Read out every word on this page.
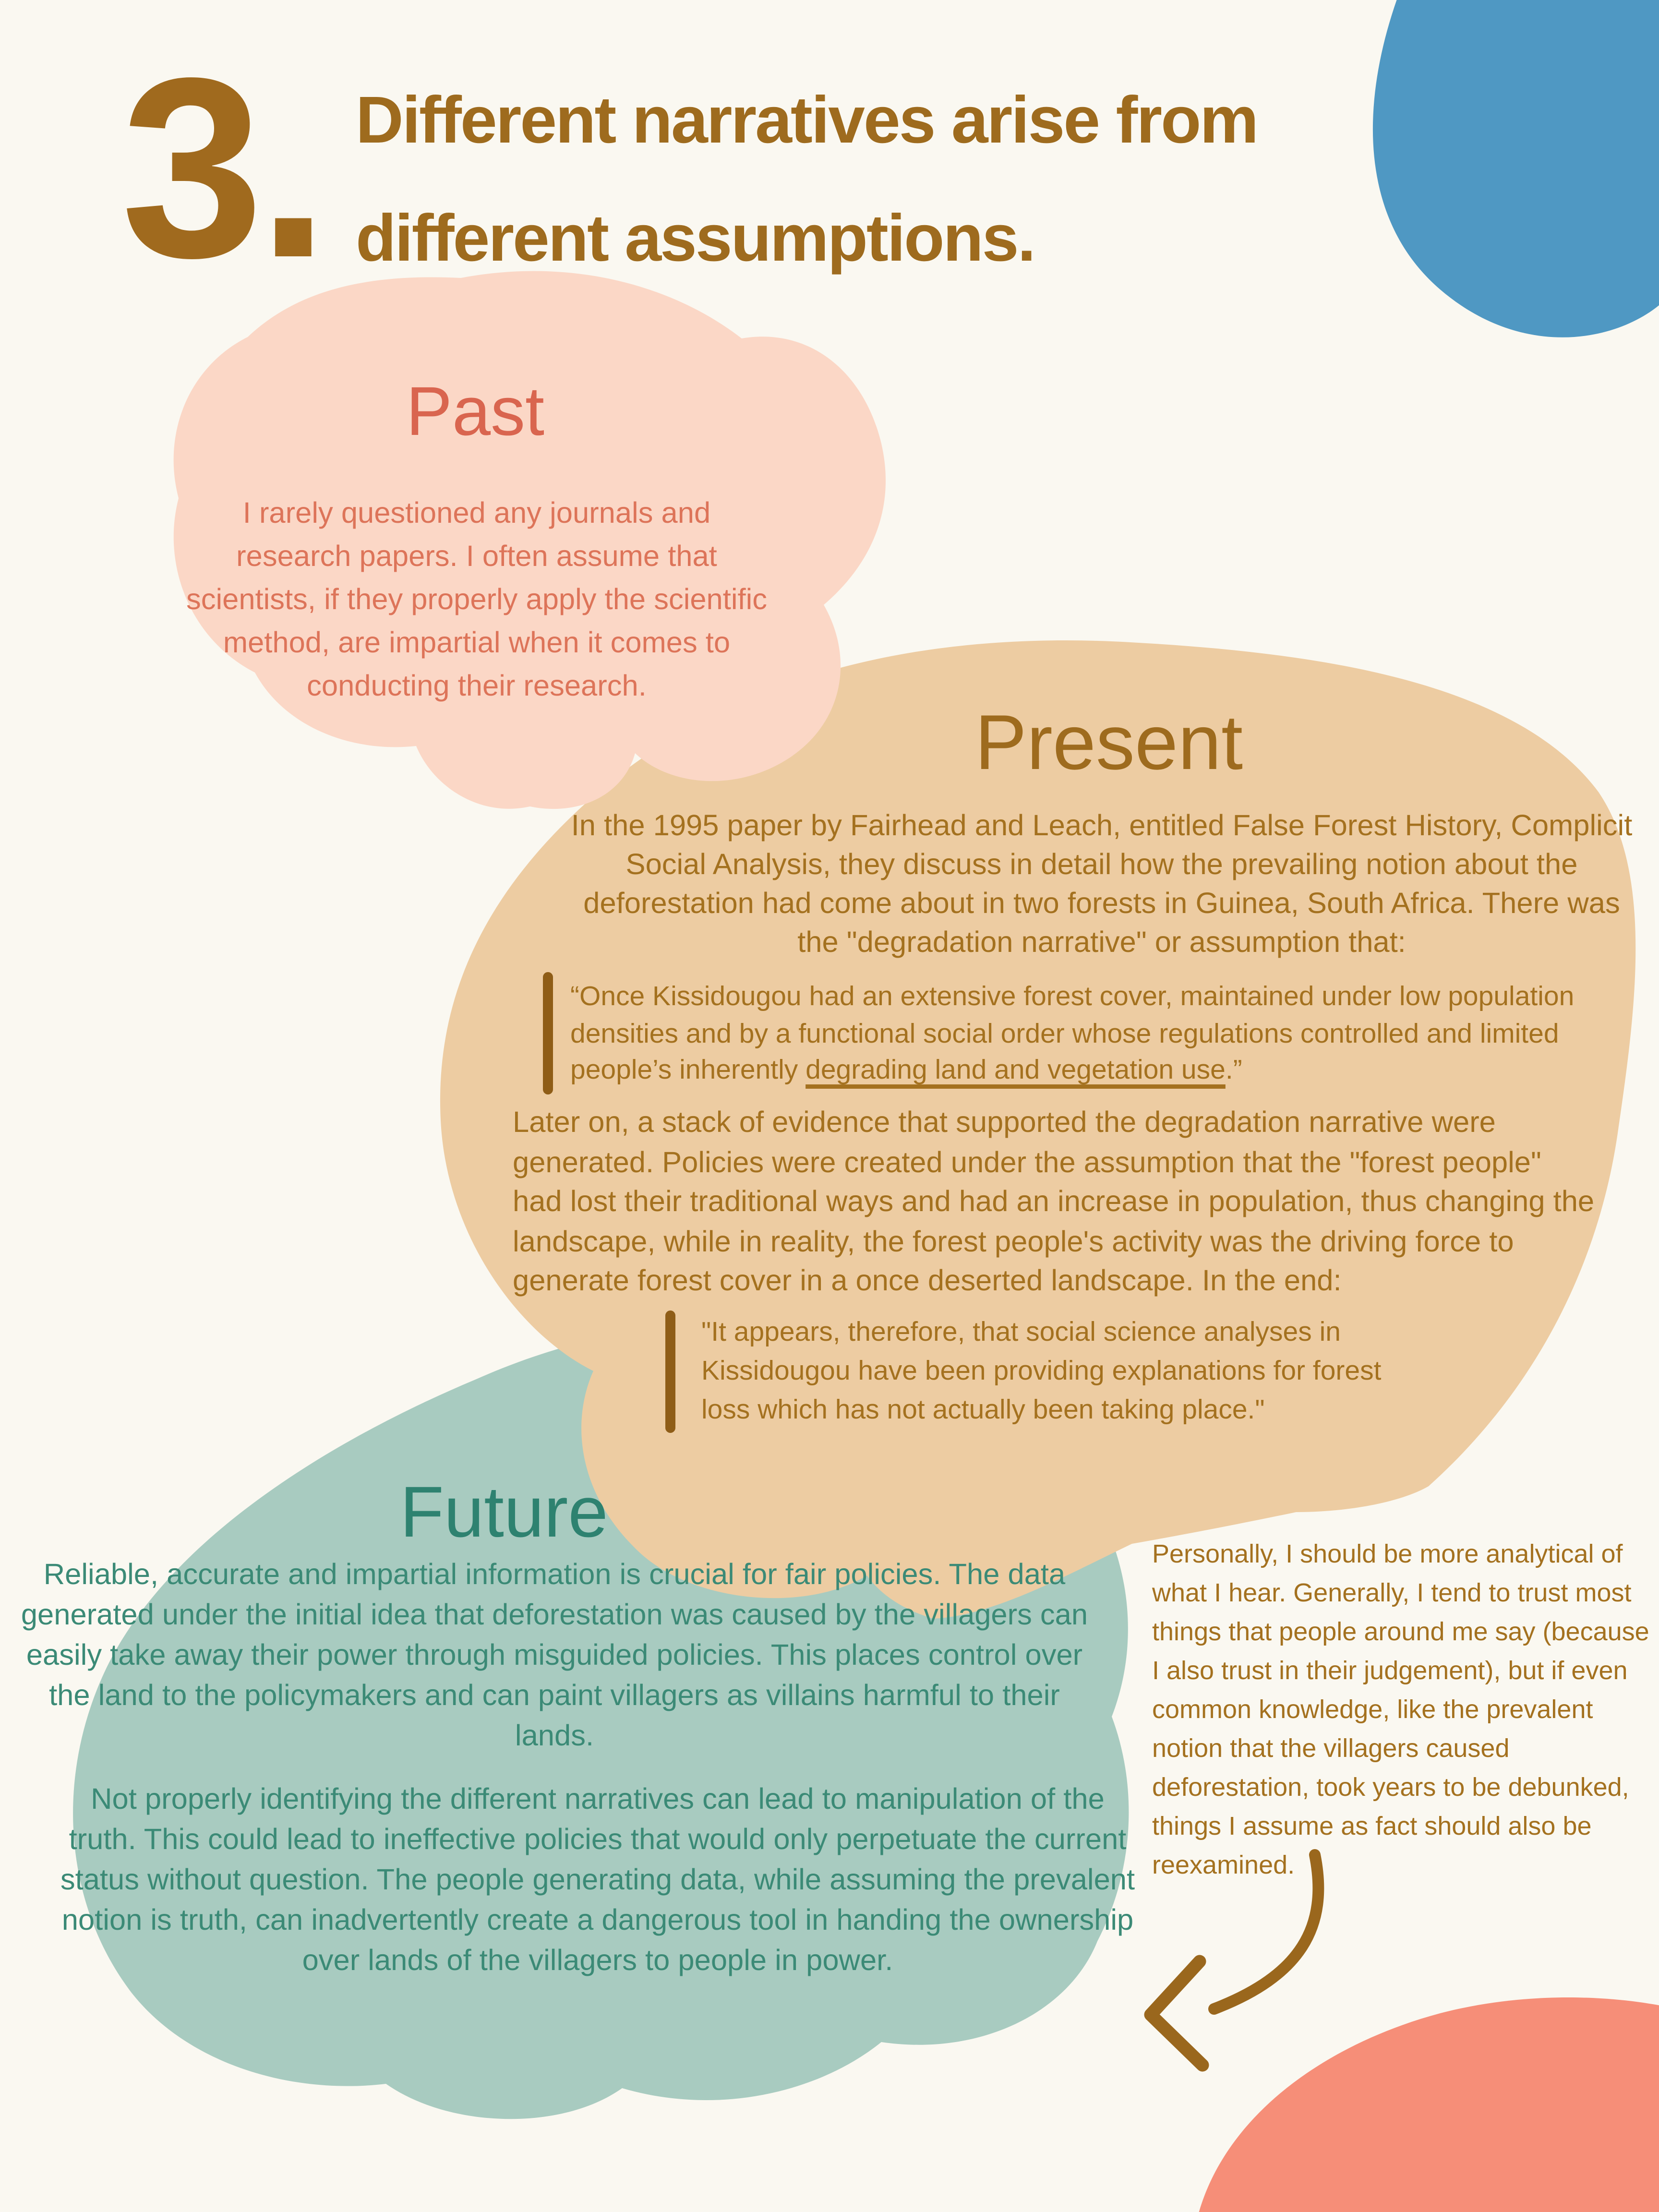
3. Different narratives arise from
different assumptions.
Past
I rarely questioned any journals and research papers. I often assume that scientists, if they properly apply the scientific method, are impartial when it comes to conducting their research.
Present
In the 1995 paper by Fairhead and Leach, entitled False Forest History, Complicit Social Analysis, they discuss in detail how the prevailing notion about the deforestation had come about in two forests in Guinea, South Africa. There was the "degradation narrative" or assumption that:
“Once Kissidougou had an extensive forest cover, maintained under low population densities and by a functional social order whose regulations controlled and limited people’s inherently degrading land and vegetation use.”
Later on, a stack of evidence that supported the degradation narrative were generated. Policies were created under the assumption that the "forest people" had lost their traditional ways and had an increase in population, thus changing the landscape, while in reality, the forest people's activity was the driving force to generate forest cover in a once deserted landscape. In the end:
"It appears, therefore, that social science analyses in Kissidougou have been providing explanations for forest loss which has not actually been taking place."
Future
Reliable, accurate and impartial information is crucial for fair policies. The data generated under the initial idea that deforestation was caused by the villagers can easily take away their power through misguided policies. This places control over the land to the policymakers and can paint villagers as villains harmful to their lands.
Not properly identifying the different narratives can lead to manipulation of the truth. This could lead to ineffective policies that would only perpetuate the current status without question. The people generating data, while assuming the prevalent notion is truth, can inadvertently create a dangerous tool in handing the ownership over lands of the villagers to people in power.
Personally, I should be more analytical of what I hear. Generally, I tend to trust most things that people around me say (because I also trust in their judgement), but if even common knowledge, like the prevalent notion that the villagers caused deforestation, took years to be debunked, things I assume as fact should also be reexamined.
